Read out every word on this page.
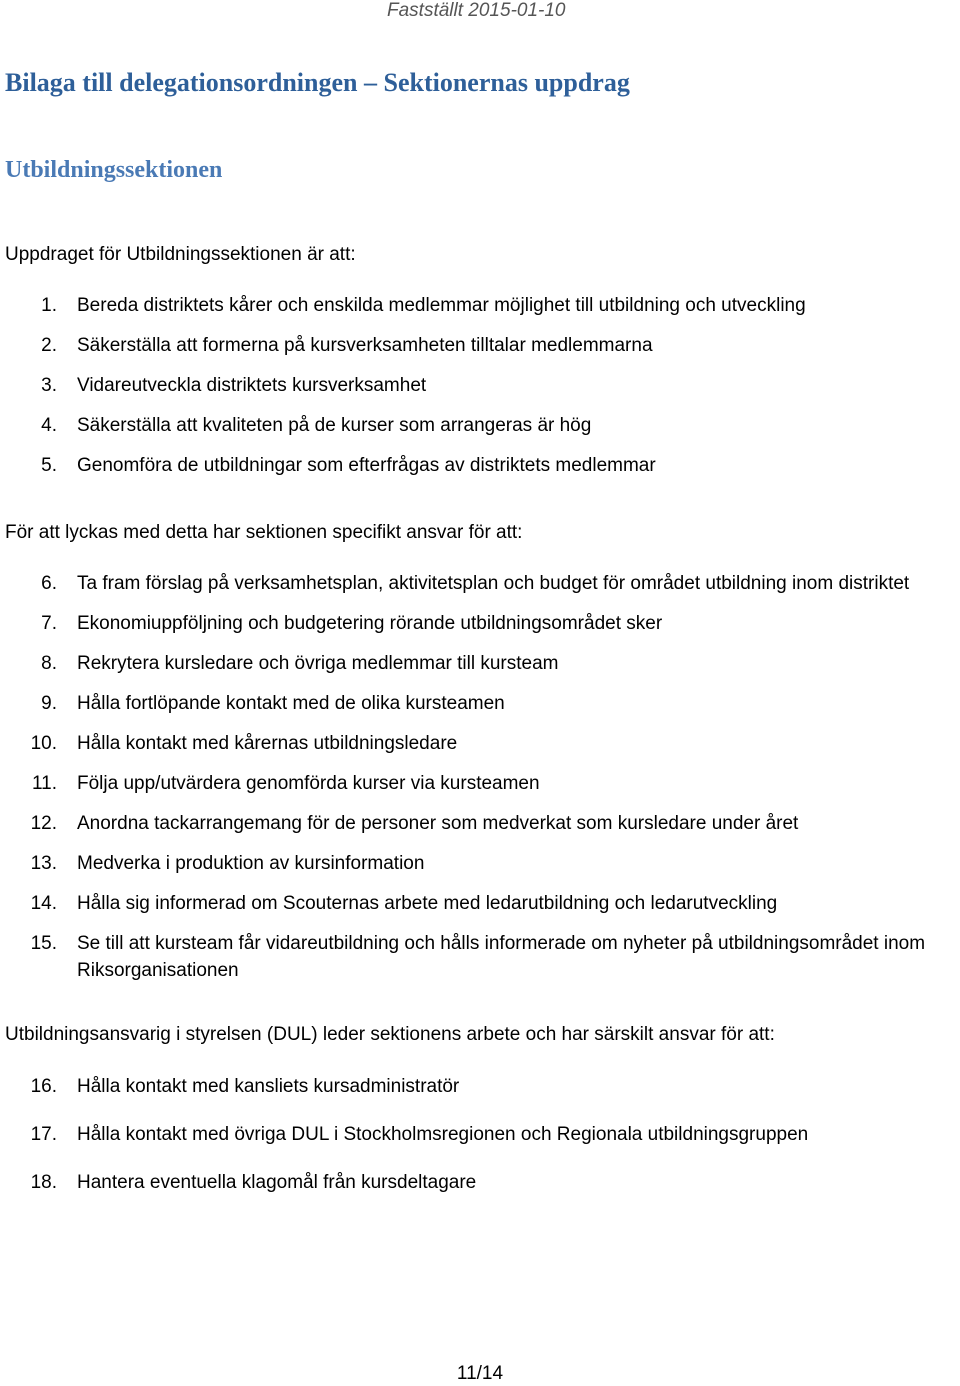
Fastställt 2015-01-10
Bilaga till delegationsordningen – Sektionernas uppdrag
Utbildningssektionen

Uppdraget för Utbildningssektionen är att:

1. Bereda distriktets kårer och enskilda medlemmar möjlighet till utbildning och utveckling
2. Säkerställa att formerna på kursverksamheten tilltalar medlemmarna
3. Vidareutveckla distriktets kursverksamhet
4. Säkerställa att kvaliteten på de kurser som arrangeras är hög
5. Genomföra de utbildningar som efterfrågas av distriktets medlemmar

För att lyckas med detta har sektionen specifikt ansvar för att:

6. Ta fram förslag på verksamhetsplan, aktivitetsplan och budget för området utbildning inom distriktet
7. Ekonomiuppföljning och budgetering rörande utbildningsområdet sker
8. Rekrytera kursledare och övriga medlemmar till kursteam
9. Hålla fortlöpande kontakt med de olika kursteamen
10. Hålla kontakt med kårernas utbildningsledare
11. Följa upp/utvärdera genomförda kurser via kursteamen
12. Anordna tackarrangemang för de personer som medverkat som kursledare under året
13. Medverka i produktion av kursinformation
14. Hålla sig informerad om Scouternas arbete med ledarutbildning och ledarutveckling
15. Se till att kursteam får vidareutbildning och hålls informerade om nyheter på utbildningsområdet inom Riksorganisationen

Utbildningsansvarig i styrelsen (DUL) leder sektionens arbete och har särskilt ansvar för att:

16. Hålla kontakt med kansliets kursadministratör
17. Hålla kontakt med övriga DUL i Stockholmsregionen och Regionala utbildningsgruppen
18. Hantera eventuella klagomål från kursdeltagare
11/14
